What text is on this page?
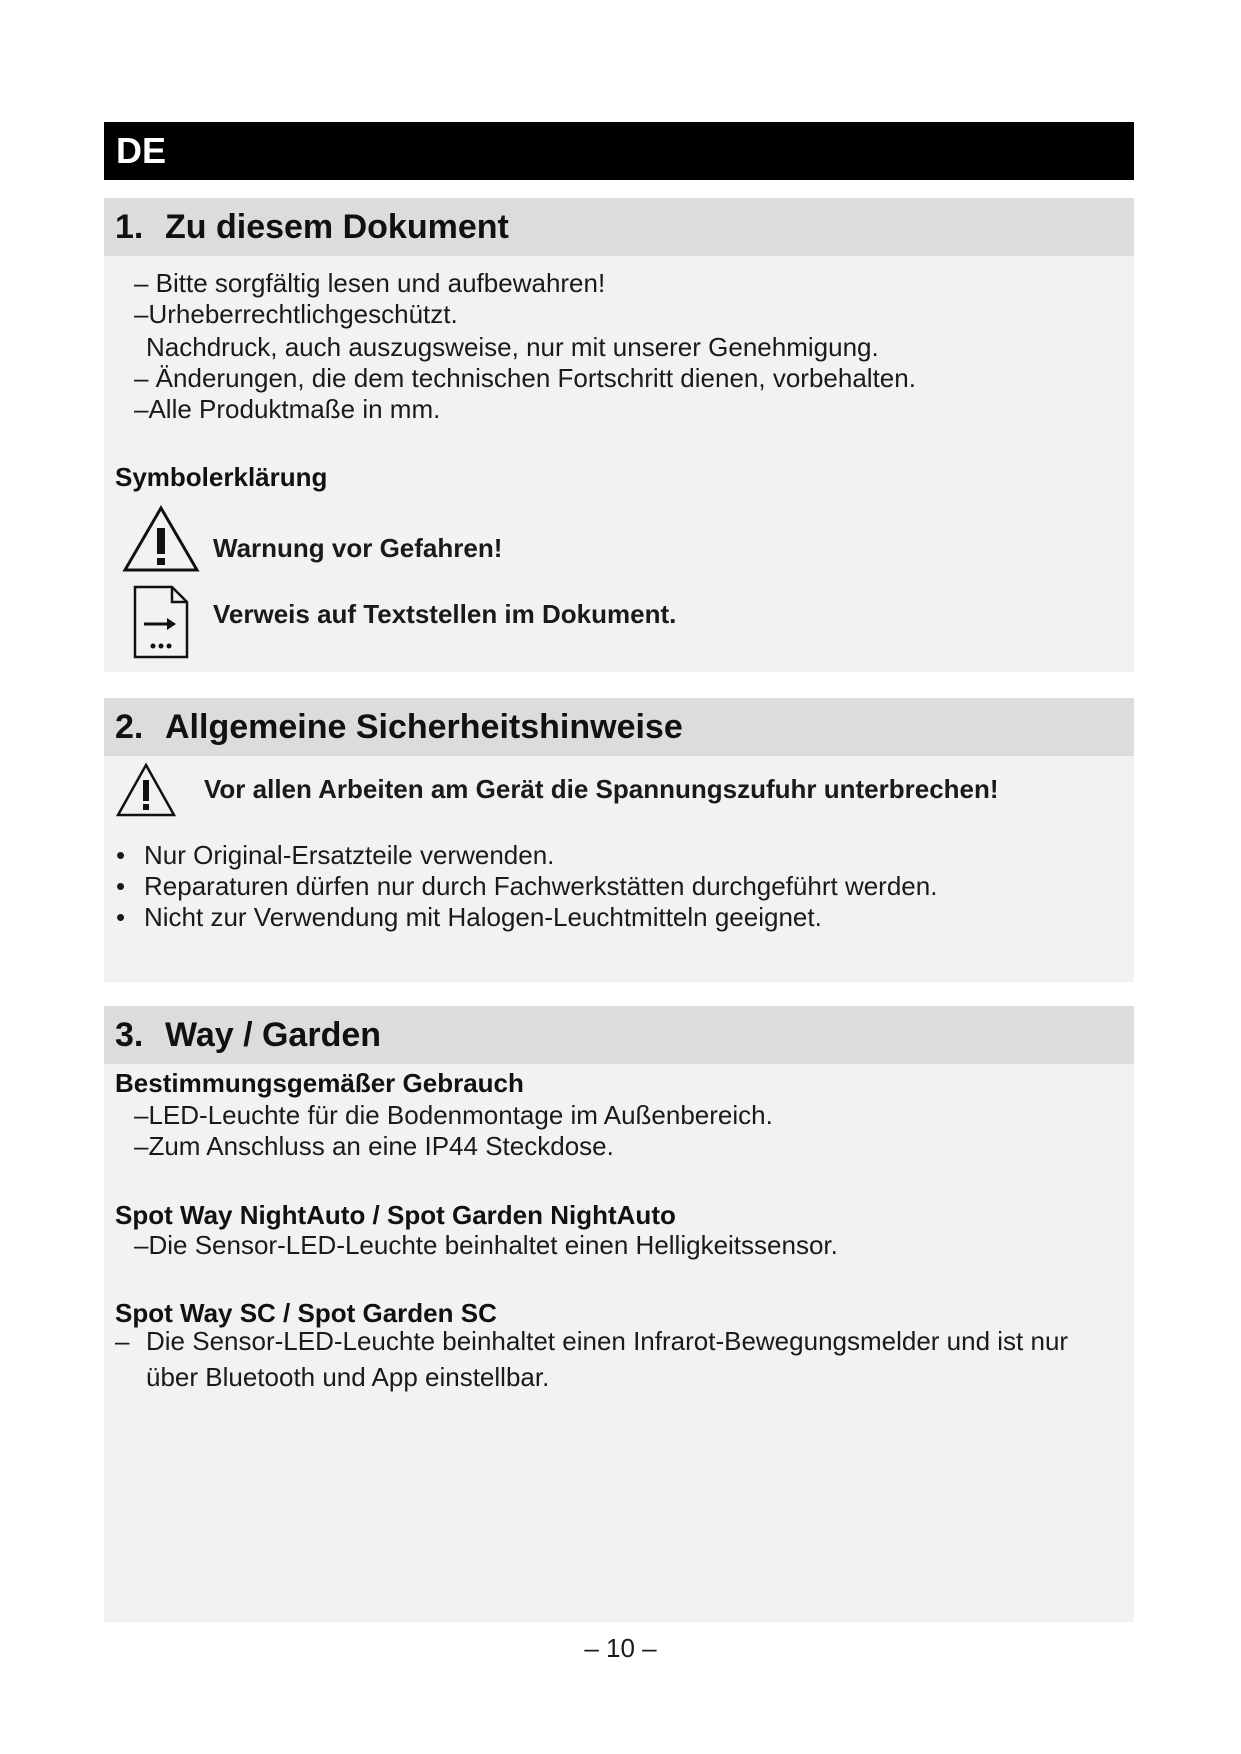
DE
1. Zu diesem Dokument
– Bitte sorgfältig lesen und aufbewahren!
–Urheberrechtlichgeschützt.
Nachdruck, auch auszugsweise, nur mit unserer Genehmigung.
– Änderungen, die dem technischen Fortschritt dienen, vorbehalten.
–Alle Produktmaße in mm.
Symbolerklärung
Warnung vor Gefahren!
Verweis auf Textstellen im Dokument.
2. Allgemeine Sicherheitshinweise
Vor allen Arbeiten am Gerät die Spannungszufuhr unterbrechen!
• Nur Original-Ersatzteile verwenden.
• Reparaturen dürfen nur durch Fachwerkstätten durchgeführt werden.
• Nicht zur Verwendung mit Halogen-Leuchtmitteln geeignet.
3. Way / Garden
Bestimmungsgemäßer Gebrauch
–LED-Leuchte für die Bodenmontage im Außenbereich.
–Zum Anschluss an eine IP44 Steckdose.
Spot Way NightAuto / Spot Garden NightAuto
–Die Sensor-LED-Leuchte beinhaltet einen Helligkeitssensor.
Spot Way SC / Spot Garden SC
– Die Sensor-LED-Leuchte beinhaltet einen Infrarot-Bewegungsmelder und ist nur
über Bluetooth und App einstellbar.
– 10 –
